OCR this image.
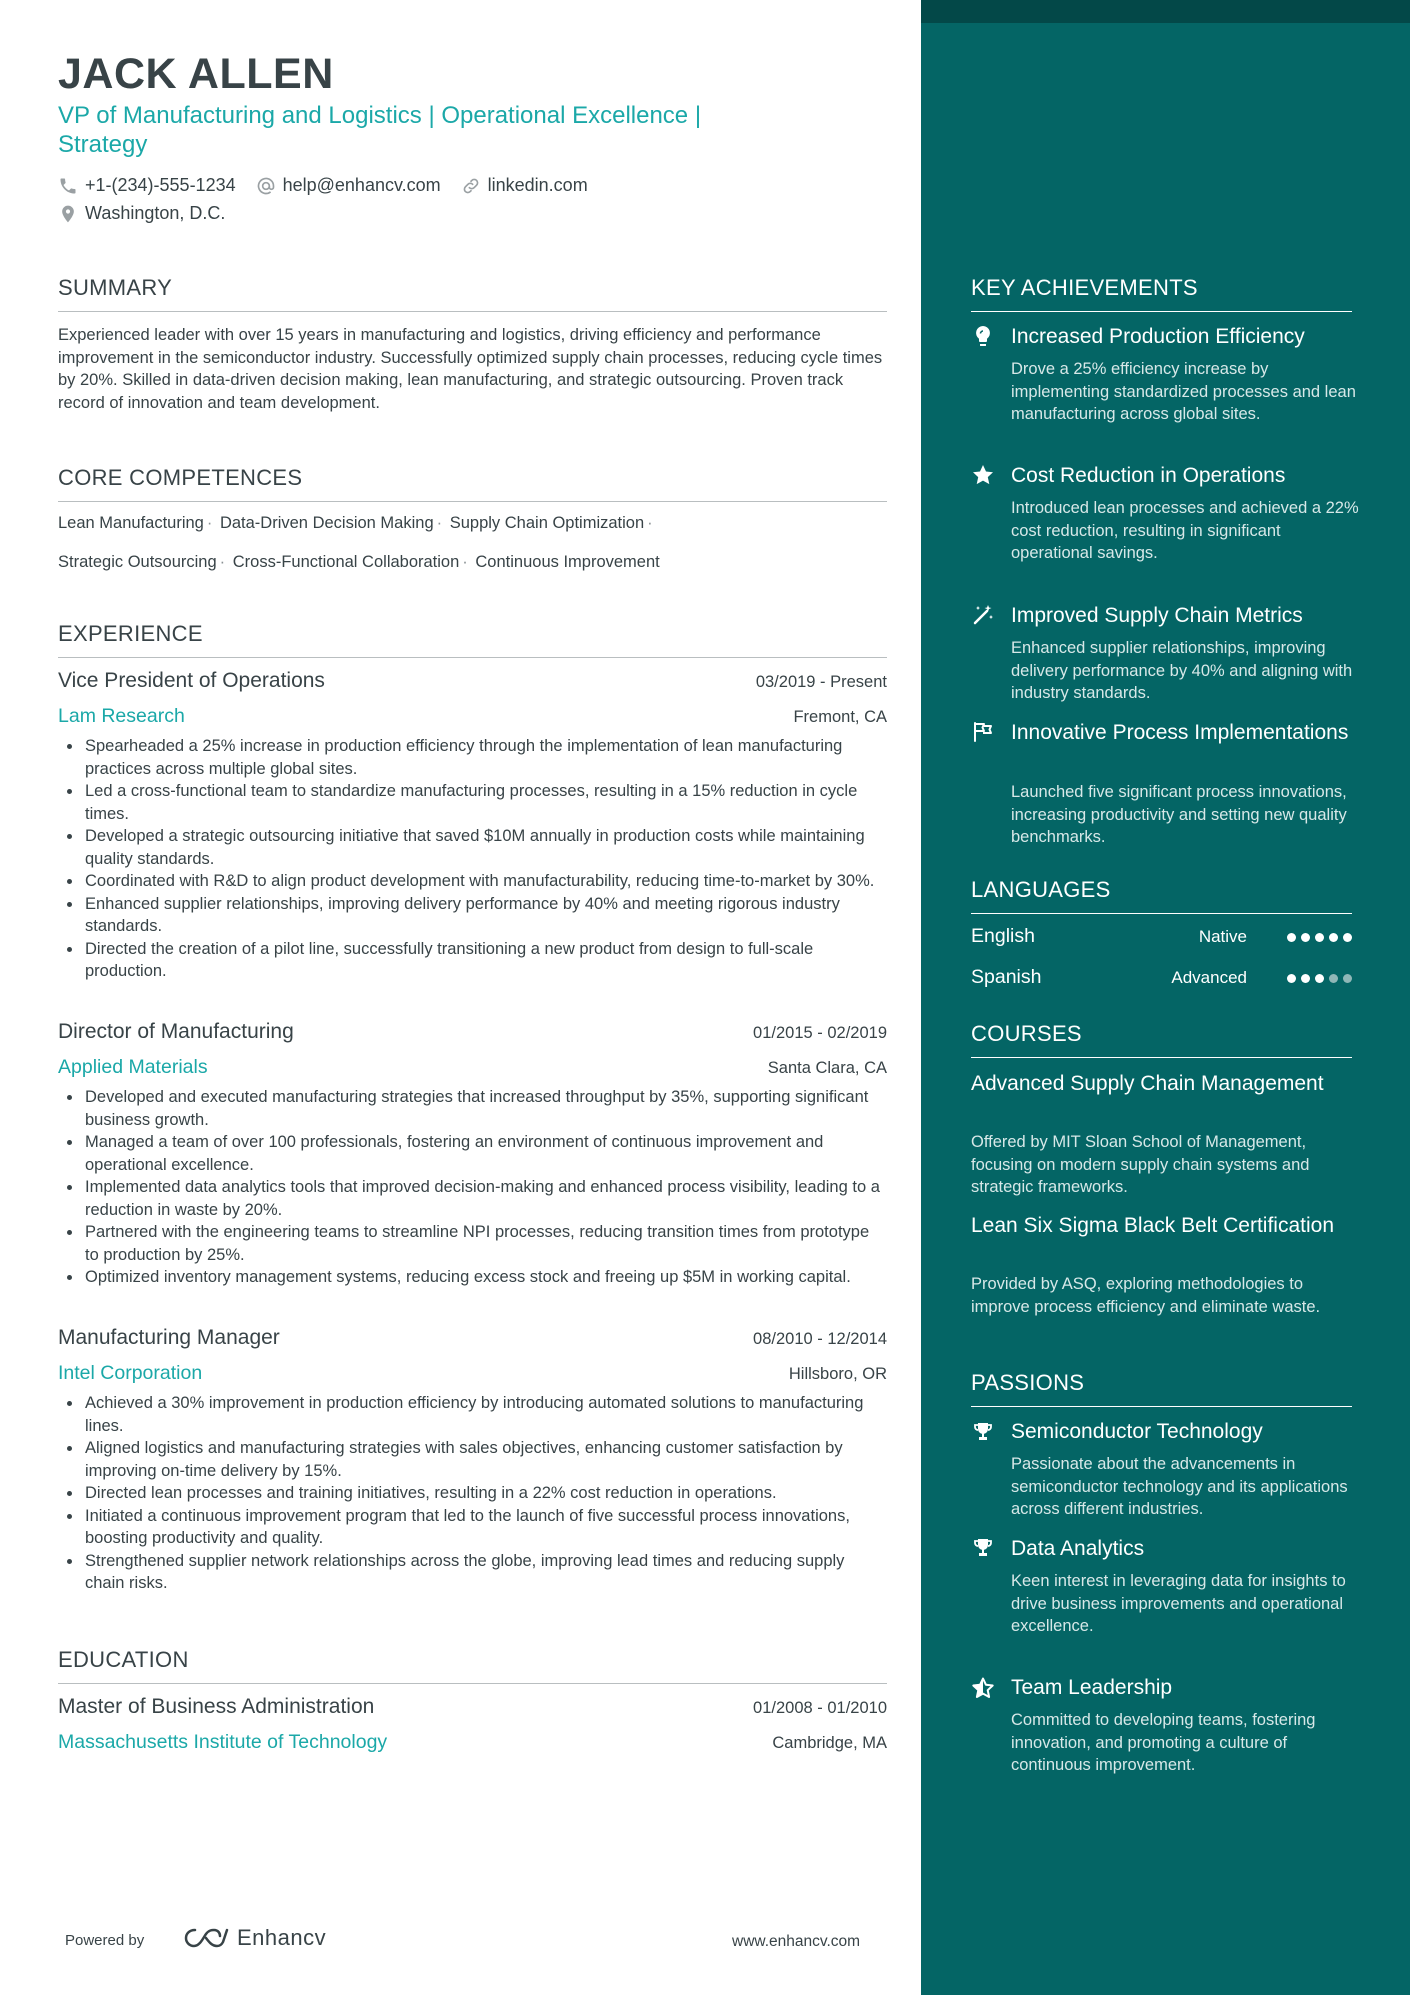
JACK ALLEN
VP of Manufacturing and Logistics | Operational Excellence | Strategy
+1-(234)-555-1234	help@enhancv.com	linkedin.com
Washington, D.C.
SUMMARY
Experienced leader with over 15 years in manufacturing and logistics, driving efficiency and performance improvement in the semiconductor industry. Successfully optimized supply chain processes, reducing cycle times by 20%. Skilled in data-driven decision making, lean manufacturing, and strategic outsourcing. Proven track record of innovation and team development.
CORE COMPETENCES
Lean Manufacturing · Data-Driven Decision Making · Supply Chain Optimization ·
Strategic Outsourcing · Cross-Functional Collaboration · Continuous Improvement
EXPERIENCE
Vice President of Operations	03/2019 - Present
Lam Research	Fremont, CA
Spearheaded a 25% increase in production efficiency through the implementation of lean manufacturing practices across multiple global sites.
Led a cross-functional team to standardize manufacturing processes, resulting in a 15% reduction in cycle times.
Developed a strategic outsourcing initiative that saved $10M annually in production costs while maintaining quality standards.
Coordinated with R&D to align product development with manufacturability, reducing time-to-market by 30%.
Enhanced supplier relationships, improving delivery performance by 40% and meeting rigorous industry standards.
Directed the creation of a pilot line, successfully transitioning a new product from design to full-scale production.
Director of Manufacturing	01/2015 - 02/2019
Applied Materials	Santa Clara, CA
Developed and executed manufacturing strategies that increased throughput by 35%, supporting significant business growth.
Managed a team of over 100 professionals, fostering an environment of continuous improvement and operational excellence.
Implemented data analytics tools that improved decision-making and enhanced process visibility, leading to a reduction in waste by 20%.
Partnered with the engineering teams to streamline NPI processes, reducing transition times from prototype to production by 25%.
Optimized inventory management systems, reducing excess stock and freeing up $5M in working capital.
Manufacturing Manager	08/2010 - 12/2014
Intel Corporation	Hillsboro, OR
Achieved a 30% improvement in production efficiency by introducing automated solutions to manufacturing lines.
Aligned logistics and manufacturing strategies with sales objectives, enhancing customer satisfaction by improving on-time delivery by 15%.
Directed lean processes and training initiatives, resulting in a 22% cost reduction in operations.
Initiated a continuous improvement program that led to the launch of five successful process innovations, boosting productivity and quality.
Strengthened supplier network relationships across the globe, improving lead times and reducing supply chain risks.
EDUCATION
Master of Business Administration	01/2008 - 01/2010
Massachusetts Institute of Technology	Cambridge, MA
Powered by	Enhancv	www.enhancv.com
KEY ACHIEVEMENTS
Increased Production Efficiency
Drove a 25% efficiency increase by implementing standardized processes and lean manufacturing across global sites.
Cost Reduction in Operations
Introduced lean processes and achieved a 22% cost reduction, resulting in significant operational savings.
Improved Supply Chain Metrics
Enhanced supplier relationships, improving delivery performance by 40% and aligning with industry standards.
Innovative Process Implementations
Launched five significant process innovations, increasing productivity and setting new quality benchmarks.
LANGUAGES
English	Native
Spanish	Advanced
COURSES
Advanced Supply Chain Management
Offered by MIT Sloan School of Management, focusing on modern supply chain systems and strategic frameworks.
Lean Six Sigma Black Belt Certification
Provided by ASQ, exploring methodologies to improve process efficiency and eliminate waste.
PASSIONS
Semiconductor Technology
Passionate about the advancements in semiconductor technology and its applications across different industries.
Data Analytics
Keen interest in leveraging data for insights to drive business improvements and operational excellence.
Team Leadership
Committed to developing teams, fostering innovation, and promoting a culture of continuous improvement.
